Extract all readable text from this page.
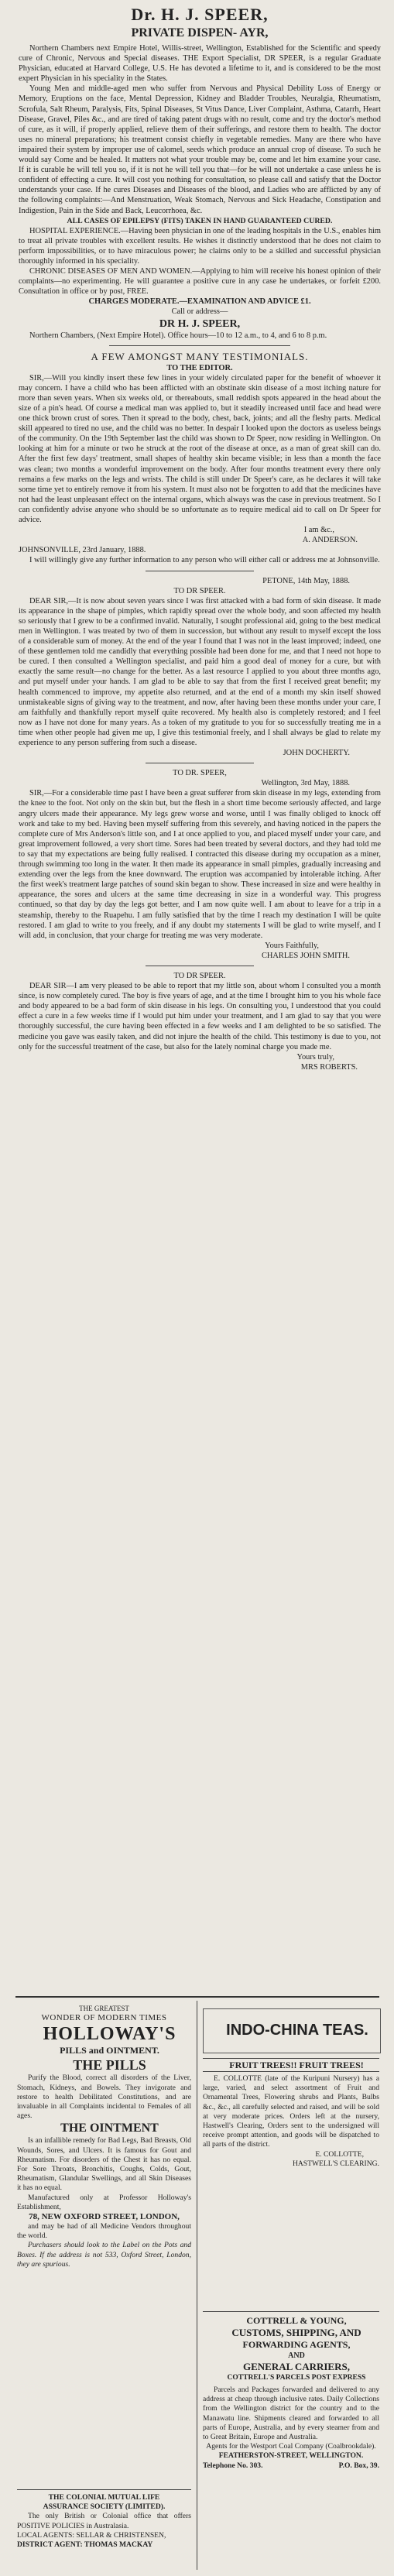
Dr. H. J. SPEER,
PRIVATE DISPEN- AYR,

Northern Chambers next Empire Hotel, Willis-street, Wellington, Established for the Scientific and speedy cure of Chronic, Nervous and Special diseases. THE Export Specialist, DR SPEER, is a regular Graduate Physician, educated at Harvard College, U.S. He has devoted a lifetime to it, and is considered to be the most expert Physician in his speciality in the States.

Young Men and middle-aged men who suffer from Nervous and Physical Debility Loss of Energy or Memory, Eruptions on the face, Mental Depression, Kidney and Bladder Troubles, Neuralgia, Rheumatism, Scrofula, Salt Rheum, Paralysis, Fits, Spinal Diseases, St Vitus Dance, Liver Complaint, Asthma, Catarrh, Heart Disease, Gravel, Piles &c., and are tired of taking patent drugs with no result, come and try the doctor's method of cure, as it will, if properly applied, relieve them of their sufferings, and restore them to health. The doctor uses no mineral preparations; his treatment consist chiefly in vegetable remedies. Many are there who have impaired their system by improper use of calomel, seeds which produce an annual crop of disease. To such he would say Come and be healed. It matters not what your trouble may be, come and let him examine your case. If it is curable he will tell you so, if it is not he will tell you that—for he will not undertake a case unless he is confident of effecting a cure. It will cost you nothing for consultation, so please call and satisfy that the Doctor understands your case. If he cures Diseases and Diseases of the blood, and Ladies who are afflicted by any of the following complaints:—And Menstruation, Weak Stomach, Nervous and Sick Headache, Constipation and Indigestion, Pain in the Side and Back, Leucorrhoea, &c.

ALL CASES OF EPILEPSY (FITS) TAKEN IN HAND GUARANTEED CURED.

HOSPITAL EXPERIENCE.—Having been physician in one of the leading hospitals in the U.S., enables him to treat all private troubles with excellent results. He wishes it distinctly understood that he does not claim to perform impossibilities, or to have miraculous power; he claims only to be a skilled and successful physician thoroughly informed in his speciality.

CHRONIC DISEASES OF MEN AND WOMEN.—Applying to him will receive his honest opinion of their complaints—no experimenting. He will guarantee a positive cure in any case he undertakes, or forfeit £200. Consultation in office or by post, FREE.

CHARGES MODERATE.—EXAMINATION AND ADVICE £1.

Call or address—

DR H. J. SPEER,

Northern Chambers, (Next Empire Hotel). Office hours—10 to 12 a.m., to 4, and 6 to 8 p.m.

A FEW AMONGST MANY TESTIMONIALS.

TO THE EDITOR.

SIR,—Will you kindly insert these few lines in your widely circulated paper for the benefit of whoever it may concern. I have a child who has been afflicted with an obstinate skin disease of a most itching nature for more than seven years. When six weeks old, or thereabouts, small reddish spots appeared in the head about the size of a pin's head. Of course a medical man was applied to, but it steadily increased until face and head were one thick brown crust of sores. Then it spread to the body, chest, back, joints; and all the fleshy parts. Medical skill appeared to tired no use, and the child was no better. In despair I looked upon the doctors as useless beings of the community. On the 19th September last the child was shown to Dr Speer, now residing in Wellington. On looking at him for a minute or two he struck at the root of the disease at once, as a man of great skill can do. After the first few days' treatment, small shapes of healthy skin became visible; in less than a month the face was clean; two months a wonderful improvement on the body. After four months treatment every there only remains a few marks on the legs and wrists. The child is still under Dr Speer's care, as he declares it will take some time yet to entirely remove it from his system. It must also not be forgotten to add that the medicines have not had the least unpleasant effect on the internal organs, which always was the case in previous treatment. So I can confidently advise anyone who should be so unfortunate as to require medical aid to call on Dr Speer for advice.

I am &c.,

A. ANDERSON.

JOHNSONVILLE, 23rd January, 1888.

I will willingly give any further information to any person who will either call or address me at Johnsonville.

PETONE, 14th May, 1888.

TO DR SPEER.

DEAR SIR,—It is now about seven years since I was first attacked with a bad form of skin disease. It made its appearance in the shape of pimples, which rapidly spread over the whole body, and soon affected my health so seriously that I grew to be a confirmed invalid. Naturally, I sought professional aid, going to the best medical men in Wellington. I was treated by two of them in succession, but without any result to myself except the loss of a considerable sum of money. At the end of the year I found that I was not in the least improved; indeed, one of these gentlemen told me candidly that everything possible had been done for me, and that I need not hope to be cured. I then consulted a Wellington specialist, and paid him a good deal of money for a cure, but with exactly the same result—no change for the better. As a last resource I applied to you about three months ago, and put myself under your hands. I am glad to be able to say that from the first I received great benefit; my health commenced to improve, my appetite also returned, and at the end of a month my skin itself showed unmistakeable signs of giving way to the treatment, and now, after having been these months under your care, I am faithfully and thankfully report myself quite recovered. My health also is completely restored; and I feel now as I have not done for many years. As a token of my gratitude to you for so successfully treating me in a time when other people had given me up, I give this testimonial freely, and I shall always be glad to relate my experience to any person suffering from such a disease.

JOHN DOCHERTY.

TO DR. SPEER,

Wellington, 3rd May, 1888.

SIR,—For a considerable time past I have been a great sufferer from skin disease in my legs, extending from the knee to the foot. Not only on the skin but, but the flesh in a short time become seriously affected, and large angry ulcers made their appearance. My legs grew worse and worse, until I was finally obliged to knock off work and take to my bed. Having been myself suffering from this severely, and having noticed in the papers the complete cure of Mrs Anderson's little son, and I at once applied to you, and placed myself under your care, and great improvement followed, a very short time. Sores had been treated by several doctors, and they had told me to say that my expectations are being fully realised. I contracted this disease during my occupation as a miner, through swimming too long in the water. It then made its appearance in small pimples, gradually increasing and extending over the legs from the knee downward. The eruption was accompanied by intolerable itching. After the first week's treatment large patches of sound skin began to show. These increased in size and were healthy in appearance, the sores and ulcers at the same time decreasing in size in a wonderful way. This progress continued, so that day by day the legs got better, and I am now quite well. I am about to leave for a trip in a steamship, thereby to the Ruapehu. I am fully satisfied that by the time I reach my destination I will be quite restored. I am glad to write to you freely, and if any doubt my statements I will be glad to write myself, and I will add, in conclusion, that your charge for treating me was very moderate.

Yours Faithfully,

CHARLES JOHN SMITH.

TO DR SPEER.

DEAR SIR—I am very pleased to be able to report that my little son, about whom I consulted you a month since, is now completely cured. The boy is five years of age, and at the time I brought him to you his whole face and body appeared to be a bad form of skin disease in his legs. On consulting you, I understood that you could effect a cure in a few weeks time if I would put him under your treatment, and I am glad to say that you were thoroughly successful, the cure having been effected in a few weeks and I am delighted to be so satisfied. The medicine you gave was easily taken, and did not injure the health of the child. This testimony is due to you, not only for the successful treatment of the case, but also for the lately nominal charge you made me.

Yours truly,

MRS ROBERTS.

THE GREATEST

WONDER OF MODERN TIMES

HOLLOWAY'S

PILLS and OINTMENT.

THE PILLS

Purify the Blood, correct all disorders of the Liver, Stomach, Kidneys, and Bowels. They invigorate and restore to health Debilitated Constitutions, and are invaluable in all Complaints incidental to Females of all ages.

THE OINTMENT

Is an infallible remedy for Bad Legs, Bad Breasts, Old Wounds, Sores, and Ulcers. It is famous for Gout and Rheumatism. For disorders of the Chest it has no equal. For Sore Throats, Bronchitis, Coughs, Colds, Gout, Rheumatism, Glandular Swellings, and all Skin Diseases it has no equal.

Manufactured only at Professor Holloway's Establishment,

78, NEW OXFORD STREET, LONDON,

and may be had of all Medicine Vendors throughout the world.

Purchasers should look to the Label on the Pots and Boxes. If the address is not 533, Oxford Street, London, they are spurious.

THE COLONIAL MUTUAL LIFE

ASSURANCE SOCIETY (LIMITED).

The only British or Colonial office that offers POSITIVE POLICIES in Australasia.

LOCAL AGENTS: SELLAR & CHRISTENSEN,

DISTRICT AGENT: THOMAS MACKAY

INDO-CHINA TEAS.

FRUIT TREES!! FRUIT TREES!

E. COLLOTTE (late of the Kuripuni Nursery) has a large, varied, and select assortment of Fruit and Ornamental Trees, Flowering shrubs and Plants, Bulbs &c., &c., all carefully selected and raised, and will be sold at very moderate prices. Orders left at the nursery, Hastwell's Clearing, Orders sent to the undersigned will receive prompt attention, and goods will be dispatched to all parts of the district.

E. COLLOTTE,

HASTWELL'S CLEARING.

COTTRELL & YOUNG,

CUSTOMS, SHIPPING, AND

FORWARDING AGENTS,

AND

GENERAL CARRIERS,

COTTRELL'S PARCELS POST EXPRESS

Parcels and Packages forwarded and delivered to any address at cheap through inclusive rates. Daily Collections from the Wellington district for the country and to the Manawatu line. Shipments cleared and forwarded to all parts of Europe, Australia, and by every steamer from and to Great Britain, Europe and Australia.

Agents for the Westport Coal Company (Coalbrookdale).

FEATHERSTON-STREET, WELLINGTON.

Telephone No. 303.	P.O. Box, 39.
